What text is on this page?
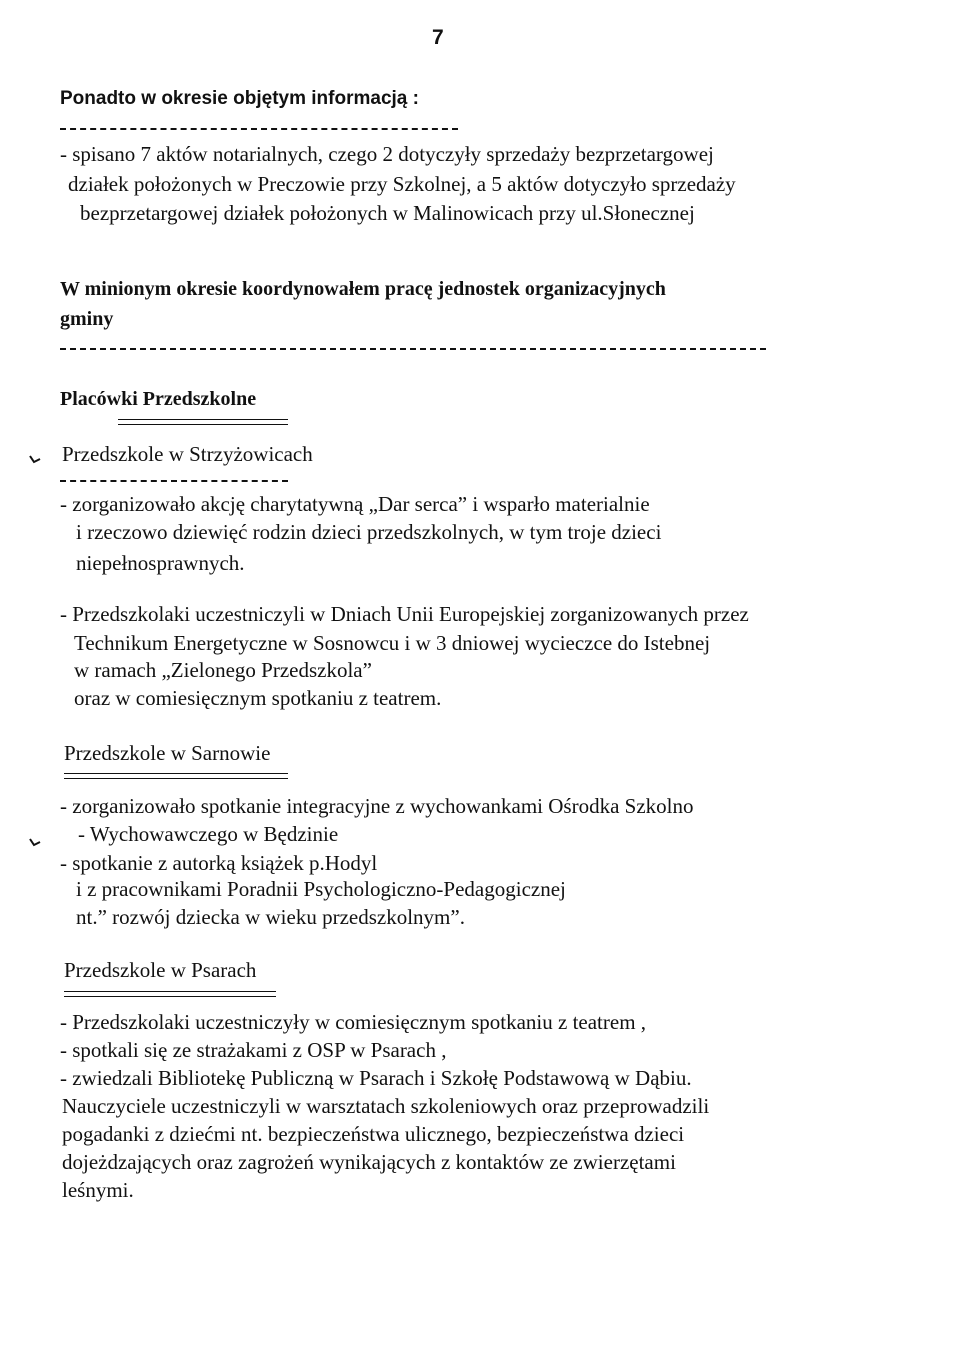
7
Ponadto w okresie objętym informacją :
- spisano 7 aktów notarialnych, czego 2 dotyczyły sprzedaży bezprzetargowej
działek położonych w Preczowie przy Szkolnej, a 5 aktów dotyczyło sprzedaży
bezprzetargowej działek położonych w Malinowicach przy ul.Słonecznej
W minionym okresie koordynowałem pracę jednostek organizacyjnych
gminy
Placówki Przedszkolne
Przedszkole w Strzyżowicach
- zorganizowało akcję charytatywną „Dar serca” i wsparło materialnie
i rzeczowo dziewięć rodzin dzieci przedszkolnych, w tym troje dzieci
niepełnosprawnych.
- Przedszkolaki uczestniczyli w Dniach Unii Europejskiej zorganizowanych przez
Technikum Energetyczne w Sosnowcu i w 3 dniowej wycieczce do Istebnej
w ramach „Zielonego Przedszkola”
oraz w comiesięcznym spotkaniu z teatrem.
Przedszkole w Sarnowie
- zorganizowało spotkanie integracyjne z wychowankami Ośrodka Szkolno
- Wychowawczego w Będzinie
- spotkanie z autorką książek p.Hodyl
i z pracownikami Poradnii Psychologiczno-Pedagogicznej
nt.” rozwój dziecka w wieku przedszkolnym”.
Przedszkole w Psarach
- Przedszkolaki uczestniczyły w comiesięcznym spotkaniu z teatrem ,
- spotkali się ze strażakami z OSP w Psarach ,
- zwiedzali Bibliotekę Publiczną w Psarach i Szkołę Podstawową w Dąbiu.
Nauczyciele uczestniczyli w warsztatach szkoleniowych oraz przeprowadzili
pogadanki z dziećmi nt. bezpieczeństwa ulicznego, bezpieczeństwa dzieci
dojeżdzających oraz zagrożeń wynikających z kontaktów ze zwierzętami
leśnymi.
